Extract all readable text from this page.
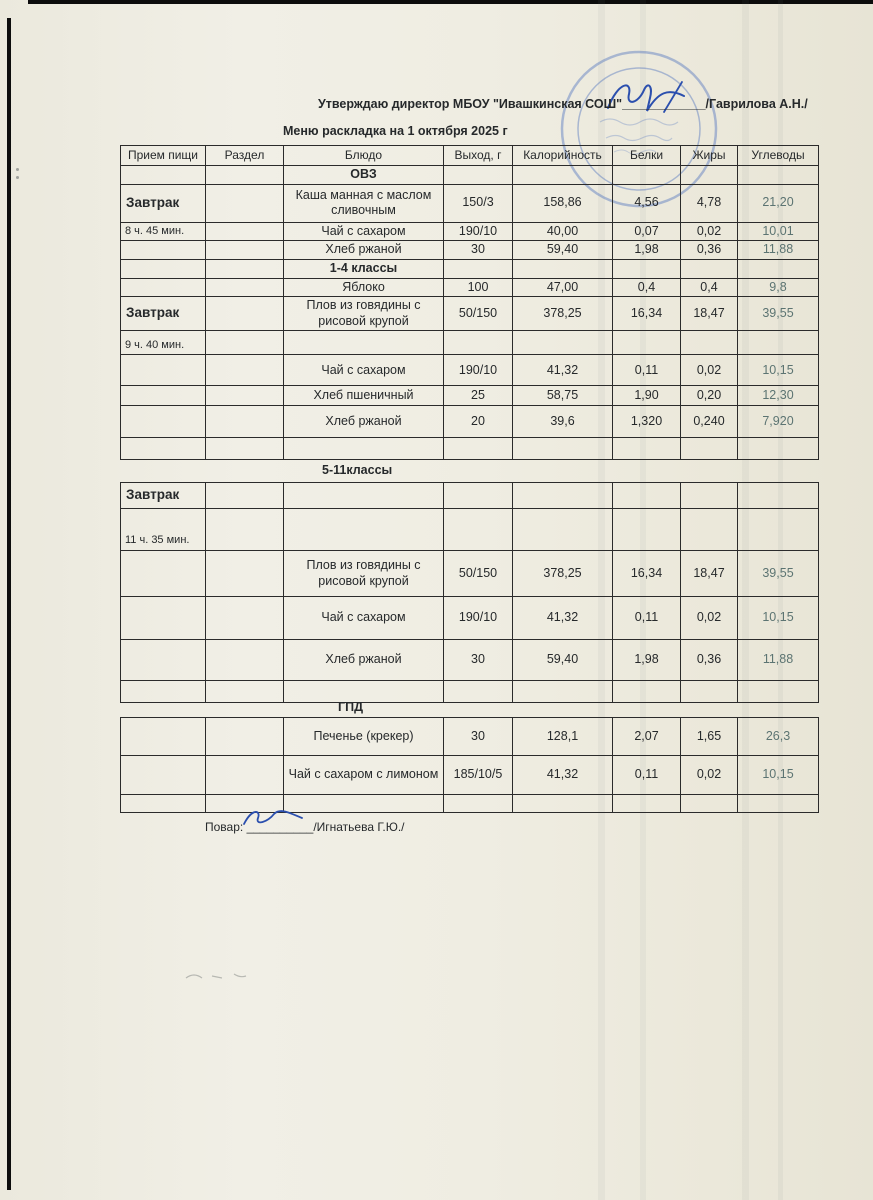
Утверждаю директор МБОУ "Ивашкинская СОШ"____________/Гаврилова А.Н./
Меню раскладка на 1 октября 2025 г
Прием пищи	Раздел	Блюдо	Выход, г	Калорийность	Белки	Жиры	Углеводы
		ОВЗ					
Завтрак		Каша манная с маслом сливочным	150/3	158,86	4,56	4,78	21,20
8 ч. 45 мин.		Чай с сахаром	190/10	40,00	0,07	0,02	10,01
		Хлеб ржаной	30	59,40	1,98	0,36	11,88
		1-4 классы					
		Яблоко	100	47,00	0,4	0,4	9,8
Завтрак		Плов из говядины с рисовой крупой	50/150	378,25	16,34	18,47	39,55
9 ч. 40 мин.							
		Чай с сахаром	190/10	41,32	0,11	0,02	10,15
		Хлеб пшеничный	25	58,75	1,90	0,20	12,30
		Хлеб ржаной	20	39,6	1,320	0,240	7,920

5-11классы
Завтрак							
11 ч. 35 мин.							
		Плов из говядины с рисовой крупой	50/150	378,25	16,34	18,47	39,55
		Чай с сахаром	190/10	41,32	0,11	0,02	10,15
		Хлеб ржаной	30	59,40	1,98	0,36	11,88

ГПД
		Печенье (крекер)	30	128,1	2,07	1,65	26,3
		Чай с сахаром с лимоном	185/10/5	41,32	0,11	0,02	10,15

Повар: __________/Игнатьева Г.Ю./
